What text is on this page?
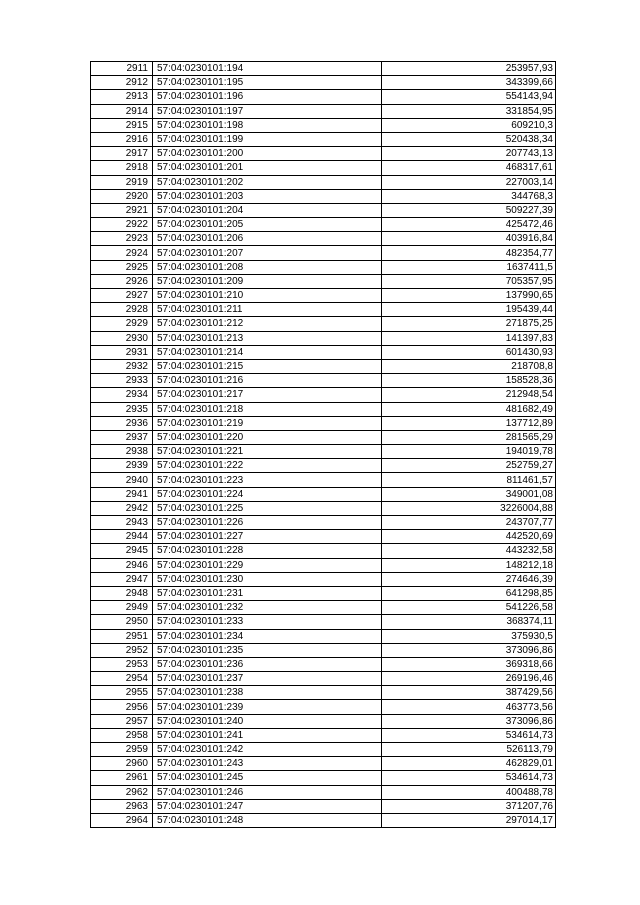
2911	57:04:0230101:194	253957,93
2912	57:04:0230101:195	343399,66
2913	57:04:0230101:196	554143,94
2914	57:04:0230101:197	331854,95
2915	57:04:0230101:198	609210,3
2916	57:04:0230101:199	520438,34
2917	57:04:0230101:200	207743,13
2918	57:04:0230101:201	468317,61
2919	57:04:0230101:202	227003,14
2920	57:04:0230101:203	344768,3
2921	57:04:0230101:204	509227,39
2922	57:04:0230101:205	425472,46
2923	57:04:0230101:206	403916,84
2924	57:04:0230101:207	482354,77
2925	57:04:0230101:208	1637411,5
2926	57:04:0230101:209	705357,95
2927	57:04:0230101:210	137990,65
2928	57:04:0230101:211	195439,44
2929	57:04:0230101:212	271875,25
2930	57:04:0230101:213	141397,83
2931	57:04:0230101:214	601430,93
2932	57:04:0230101:215	218708,8
2933	57:04:0230101:216	158528,36
2934	57:04:0230101:217	212948,54
2935	57:04:0230101:218	481682,49
2936	57:04:0230101:219	137712,89
2937	57:04:0230101:220	281565,29
2938	57:04:0230101:221	194019,78
2939	57:04:0230101:222	252759,27
2940	57:04:0230101:223	811461,57
2941	57:04:0230101:224	349001,08
2942	57:04:0230101:225	3226004,88
2943	57:04:0230101:226	243707,77
2944	57:04:0230101:227	442520,69
2945	57:04:0230101:228	443232,58
2946	57:04:0230101:229	148212,18
2947	57:04:0230101:230	274646,39
2948	57:04:0230101:231	641298,85
2949	57:04:0230101:232	541226,58
2950	57:04:0230101:233	368374,11
2951	57:04:0230101:234	375930,5
2952	57:04:0230101:235	373096,86
2953	57:04:0230101:236	369318,66
2954	57:04:0230101:237	269196,46
2955	57:04:0230101:238	387429,56
2956	57:04:0230101:239	463773,56
2957	57:04:0230101:240	373096,86
2958	57:04:0230101:241	534614,73
2959	57:04:0230101:242	526113,79
2960	57:04:0230101:243	462829,01
2961	57:04:0230101:245	534614,73
2962	57:04:0230101:246	400488,78
2963	57:04:0230101:247	371207,76
2964	57:04:0230101:248	297014,17
